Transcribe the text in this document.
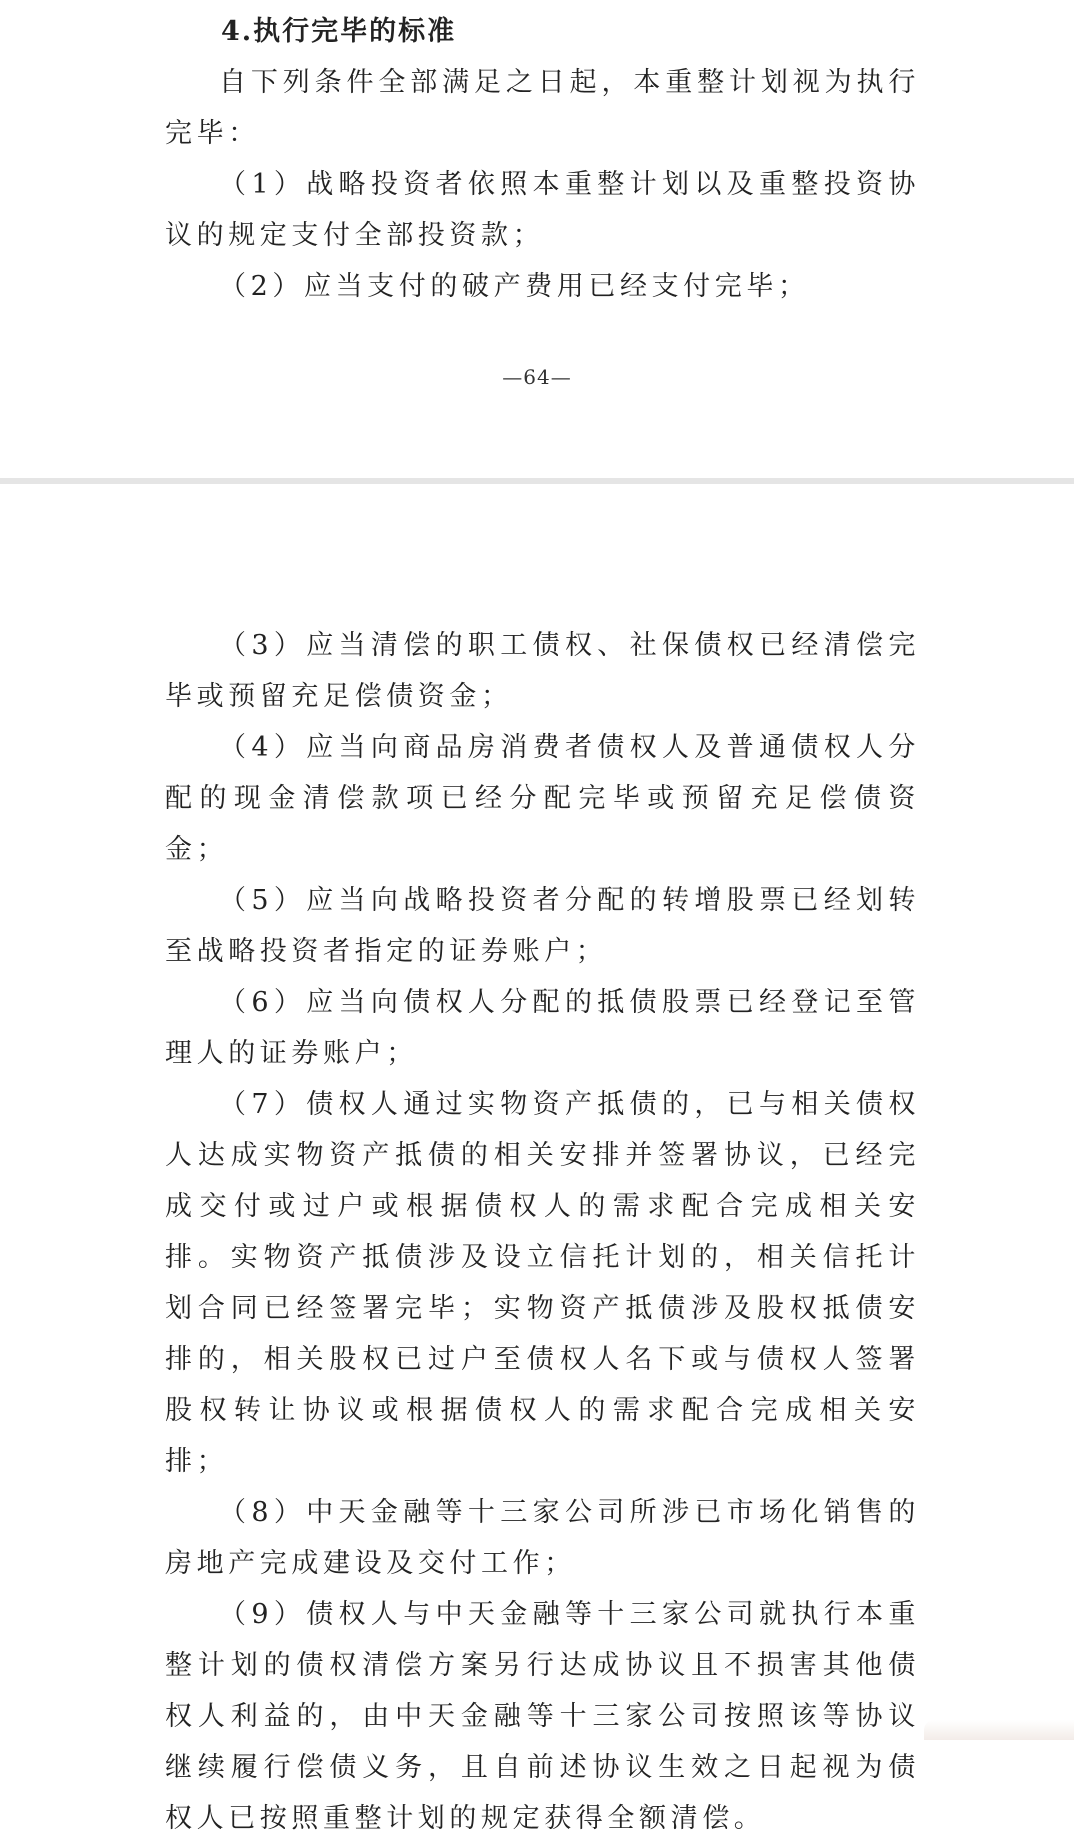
4.执行完毕的标准

自下列条件全部满足之日起，本重整计划视为执行完毕：

（1）战略投资者依照本重整计划以及重整投资协议的规定支付全部投资款；

（2）应当支付的破产费用已经支付完毕；

—64—

（3）应当清偿的职工债权、社保债权已经清偿完毕或预留充足偿债资金；

（4）应当向商品房消费者债权人及普通债权人分配的现金清偿款项已经分配完毕或预留充足偿债资金；

（5）应当向战略投资者分配的转增股票已经划转至战略投资者指定的证券账户；

（6）应当向债权人分配的抵债股票已经登记至管理人的证券账户；

（7）债权人通过实物资产抵债的，已与相关债权人达成实物资产抵债的相关安排并签署协议，已经完成交付或过户或根据债权人的需求配合完成相关安排。实物资产抵债涉及设立信托计划的，相关信托计划合同已经签署完毕；实物资产抵债涉及股权抵债安排的，相关股权已过户至债权人名下或与债权人签署股权转让协议或根据债权人的需求配合完成相关安排；

（8）中天金融等十三家公司所涉已市场化销售的房地产完成建设及交付工作；

（9）债权人与中天金融等十三家公司就执行本重整计划的债权清偿方案另行达成协议且不损害其他债权人利益的，由中天金融等十三家公司按照该等协议继续履行偿债义务，且自前述协议生效之日起视为债权人已按照重整计划的规定获得全额清偿。
